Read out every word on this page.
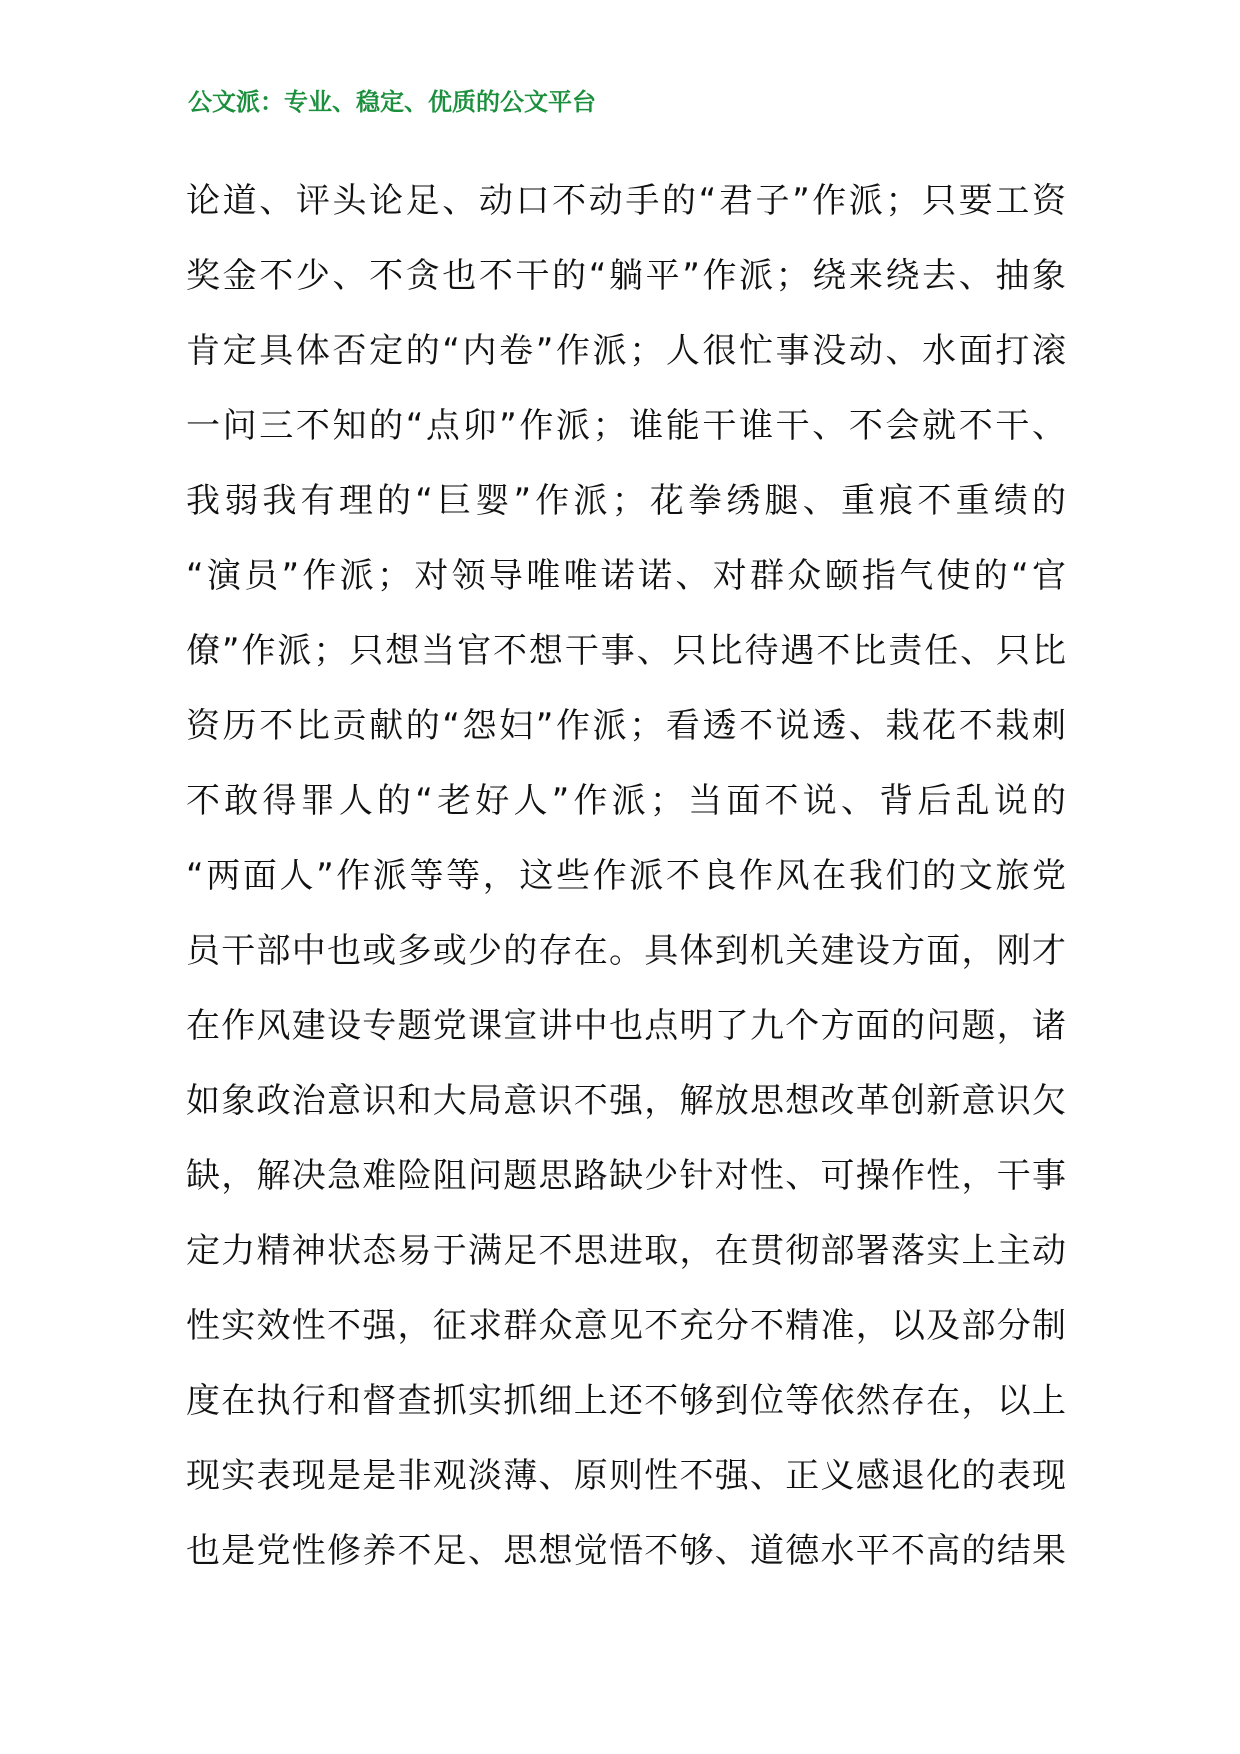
公文派：专业、稳定、优质的公文平台
论道、评头论足、动口不动手的“君子”作派；只要工资
奖金不少、不贪也不干的“躺平”作派；绕来绕去、抽象
肯定具体否定的“内卷”作派；人很忙事没动、水面打滚
一问三不知的“点卯”作派；谁能干谁干、不会就不干、
我弱我有理的“巨婴”作派；花拳绣腿、重痕不重绩的
“演员”作派；对领导唯唯诺诺、对群众颐指气使的“官
僚”作派；只想当官不想干事、只比待遇不比责任、只比
资历不比贡献的“怨妇”作派；看透不说透、栽花不栽刺
不敢得罪人的“老好人”作派；当面不说、背后乱说的
“两面人”作派等等，这些作派不良作风在我们的文旅党
员干部中也或多或少的存在。具体到机关建设方面，刚才
在作风建设专题党课宣讲中也点明了九个方面的问题，诸
如象政治意识和大局意识不强，解放思想改革创新意识欠
缺，解决急难险阻问题思路缺少针对性、可操作性，干事
定力精神状态易于满足不思进取，在贯彻部署落实上主动
性实效性不强，征求群众意见不充分不精准，以及部分制
度在执行和督查抓实抓细上还不够到位等依然存在，以上
现实表现是是非观淡薄、原则性不强、正义感退化的表现
也是党性修养不足、思想觉悟不够、道德水平不高的结果
